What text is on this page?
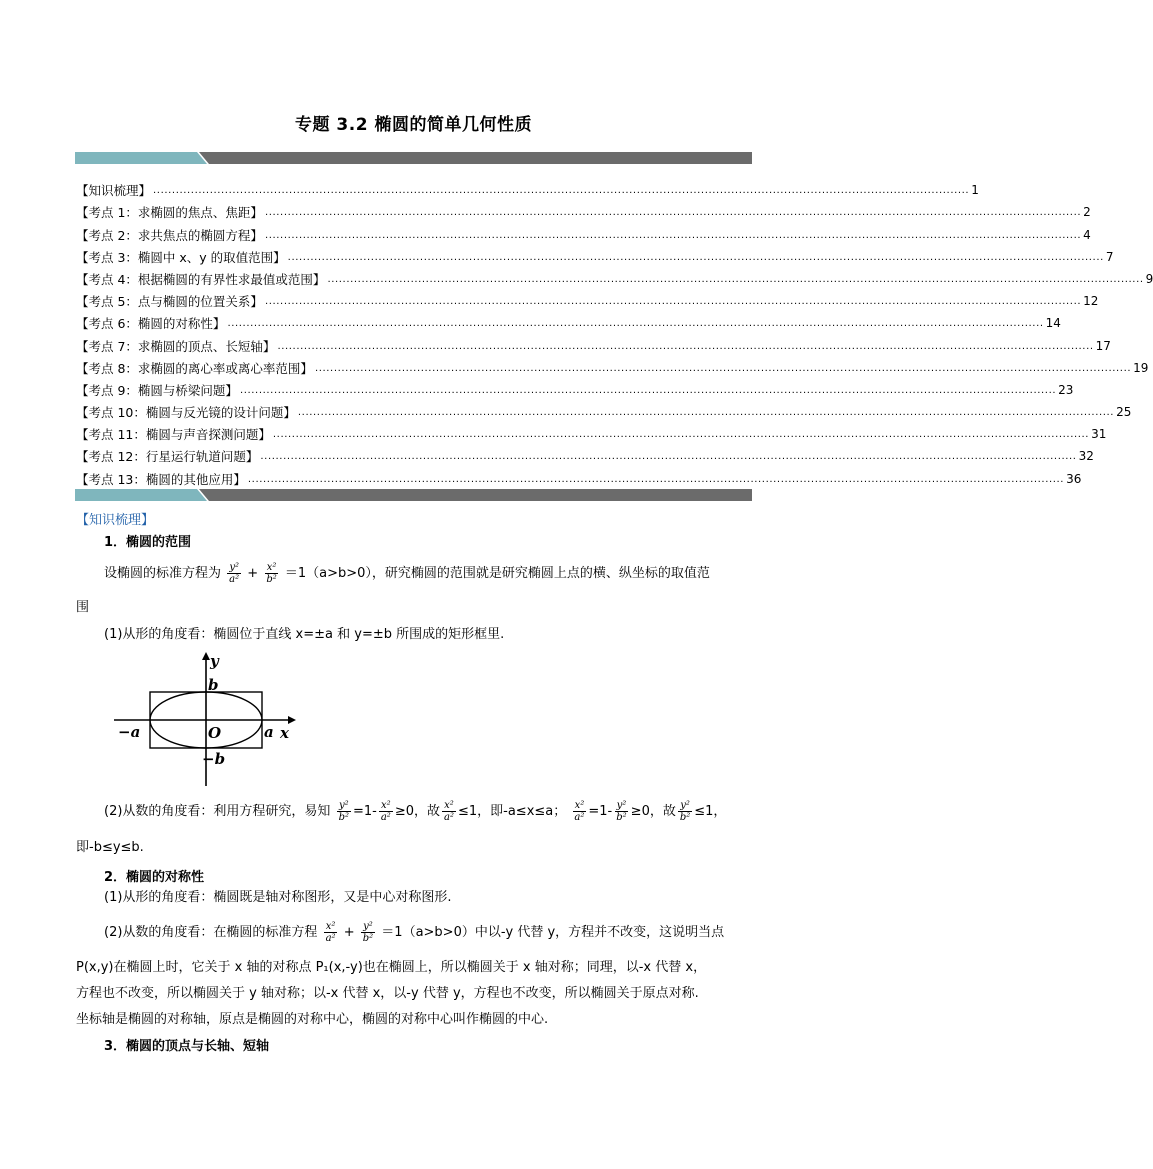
专题 3.2 椭圆的简单几何性质
【知识梳理】 ........................................................................................................................................................................................................................ 1
【考点 1：求椭圆的焦点、焦距】 ........................................................................................................................................................................................................................ 2
【考点 2：求共焦点的椭圆方程】 ........................................................................................................................................................................................................................ 4
【考点 3：椭圆中 x、y 的取值范围】 ........................................................................................................................................................................................................................ 7
【考点 4：根据椭圆的有界性求最值或范围】 ........................................................................................................................................................................................................................ 9
【考点 5：点与椭圆的位置关系】 ........................................................................................................................................................................................................................ 12
【考点 6：椭圆的对称性】 ........................................................................................................................................................................................................................ 14
【考点 7：求椭圆的顶点、长短轴】 ........................................................................................................................................................................................................................ 17
【考点 8：求椭圆的离心率或离心率范围】 ........................................................................................................................................................................................................................ 19
【考点 9：椭圆与桥梁问题】 ........................................................................................................................................................................................................................ 23
【考点 10：椭圆与反光镜的设计问题】 ........................................................................................................................................................................................................................ 25
【考点 11：椭圆与声音探测问题】 ........................................................................................................................................................................................................................ 31
【考点 12：行星运行轨道问题】 ........................................................................................................................................................................................................................ 32
【考点 13：椭圆的其他应用】 ........................................................................................................................................................................................................................ 36
【知识梳理】
1．椭圆的范围
设椭圆的标准方程为 $\frac{\text{y²}}{\text{a²}} + \frac{\text{x²}}{\text{b²}} =1(a>b>0)$，研究椭圆的范围就是研究椭圆上点的横、纵坐标的取值范
围
(1)从形的角度看：椭圆位于直线 x=±a 和 y=±b 所围成的矩形框里.
y
b
−a	O	a x
−b
(2)从数的角度看：利用方程研究，易知 $\frac{\text{y²}}{\text{b²}} =1- \frac{\text{x²}}{\text{a²}} \ge 0$，故 $\frac{\text{x²}}{\text{a²}} \le 1$，即-a≤x≤a； $\frac{\text{x²}}{\text{a²}} =1- \frac{\text{y²}}{\text{b²}} \ge 0$，故 $\frac{\text{y²}}{\text{b²}} \le 1$，
即-b≤y≤b.
2．椭圆的对称性
(1)从形的角度看：椭圆既是轴对称图形，又是中心对称图形.
(2)从数的角度看：在椭圆的标准方程 $\frac{\text{x²}}{\text{a²}} + \frac{\text{y²}}{\text{b²}} =1(a>b>0)$中以-y 代替 y，方程并不改变，这说明当点
P(x,y)在椭圆上时，它关于 x 轴的对称点 P₁(x,-y)也在椭圆上，所以椭圆关于 x 轴对称；同理，以-x 代替 x，
方程也不改变，所以椭圆关于 y 轴对称；以-x 代替 x，以-y 代替 y，方程也不改变，所以椭圆关于原点对称.
坐标轴是椭圆的对称轴，原点是椭圆的对称中心，椭圆的对称中心叫作椭圆的中心.
3．椭圆的顶点与长轴、短轴
